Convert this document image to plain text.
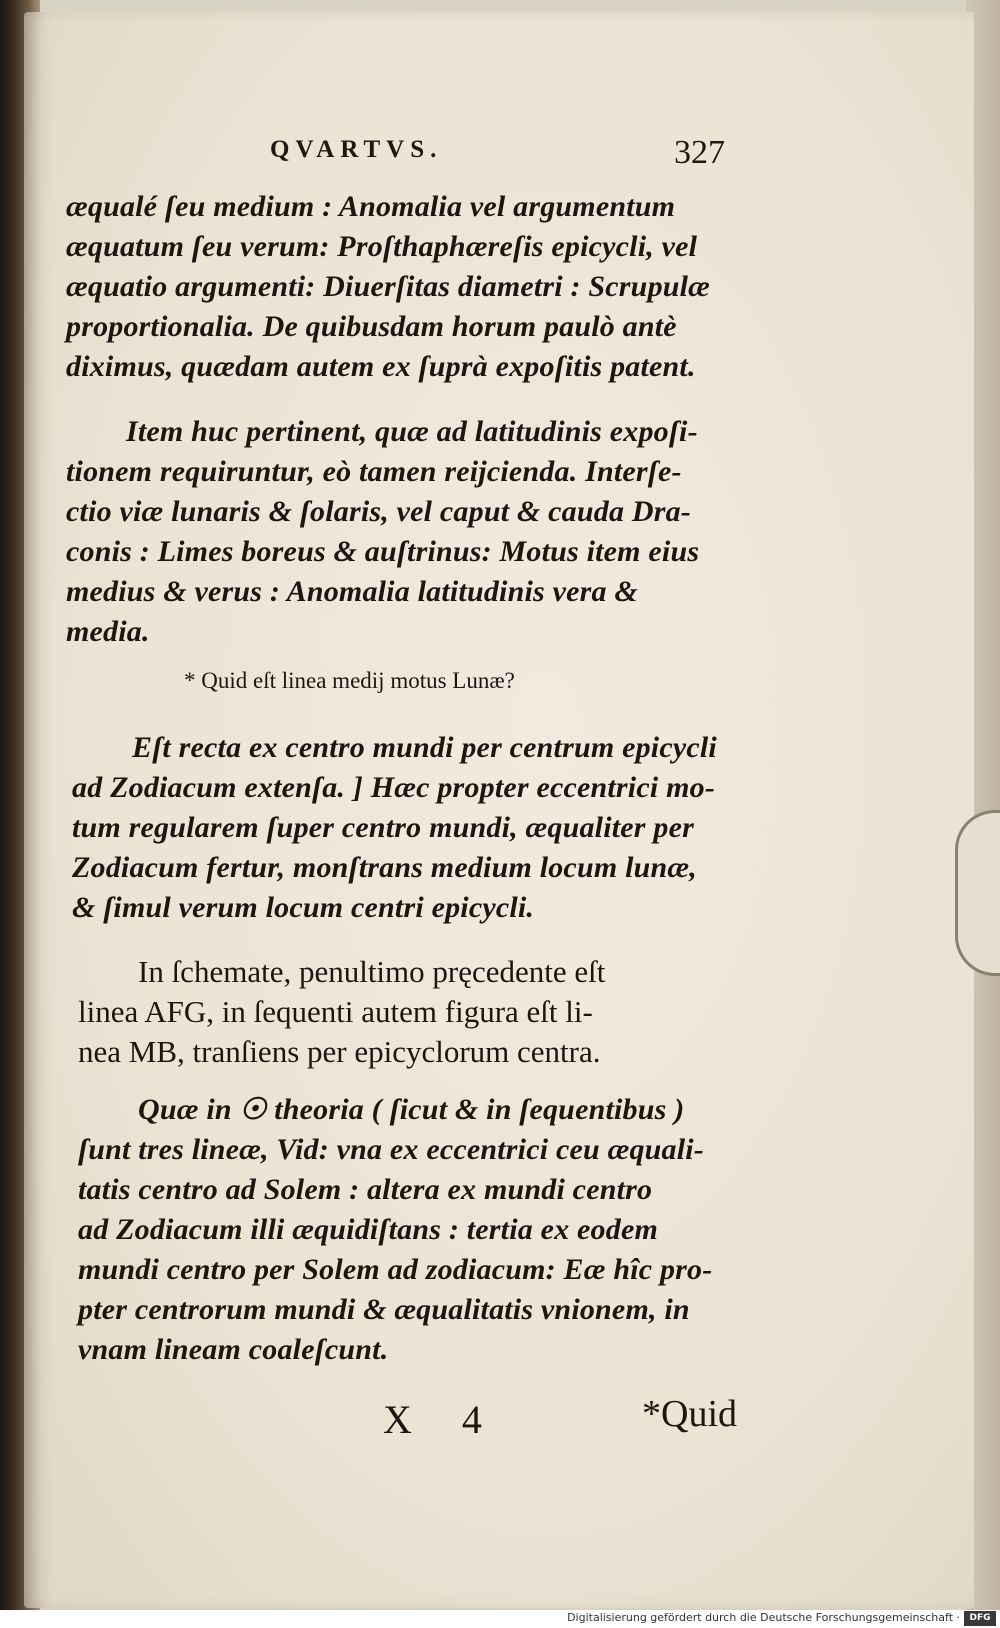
QVARTVS.	327
æqualé ſeu medium : Anomalia vel argumentum
æquatum ſeu verum: Proſthaphæreſis epicycli, vel
æquatio argumenti: Diuerſitas diametri : Scrupulæ
proportionalia. De quibusdam horum paulò antè
diximus, quædam autem ex ſuprà expoſitis patent.
Item huc pertinent, quæ ad latitudinis expoſi-
tionem requiruntur, eò tamen reijcienda. Interſe-
ctio viæ lunaris & ſolaris, vel caput & cauda Dra-
conis : Limes boreus & auſtrinus: Motus item eius
medius & verus : Anomalia latitudinis vera &
media.
* Quid eſt linea medij motus Lunæ?
Eſt recta ex centro mundi per centrum epicycli
ad Zodiacum extenſa. ] Hæc propter eccentrici mo-
tum regularem ſuper centro mundi, æqualiter per
Zodiacum fertur, monſtrans medium locum lunæ,
& ſimul verum locum centri epicycli.
In ſchemate, penultimo pręcedente eſt
linea AFG, in ſequenti autem figura eſt li-
nea MB, tranſiens per epicyclorum centra.
Quæ in ☉ theoria ( ſicut & in ſequentibus )
ſunt tres lineæ, Vid: vna ex eccentrici ceu æquali-
tatis centro ad Solem : altera ex mundi centro
ad Zodiacum illi æquidiſtans : tertia ex eodem
mundi centro per Solem ad zodiacum: Eæ hîc pro-
pter centrorum mundi & æqualitatis vnionem, in
vnam lineam coaleſcunt.
X 4	*Quid
Digitalisierung gefördert durch die Deutsche Forschungsgemeinschaft ·	DFG
